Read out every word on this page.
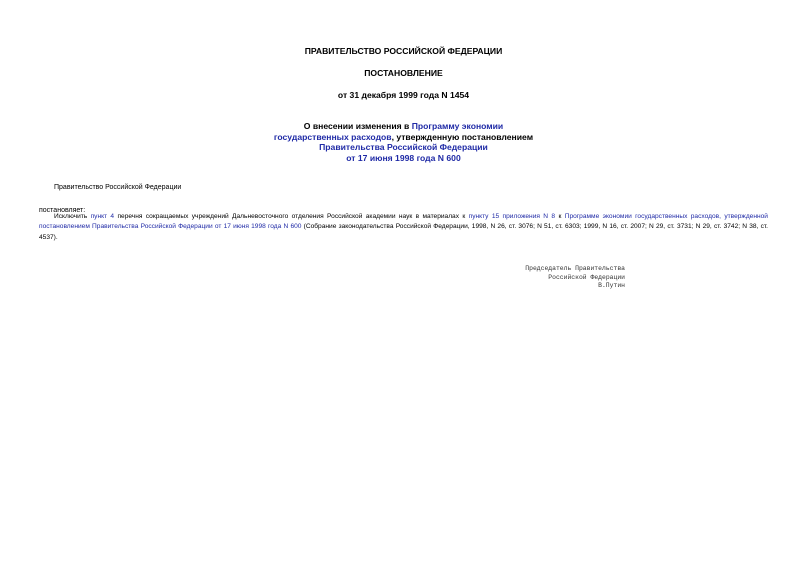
ПРАВИТЕЛЬСТВО РОССИЙСКОЙ ФЕДЕРАЦИИ
ПОСТАНОВЛЕНИЕ
от 31 декабря 1999 года N 1454
О внесении изменения в Программу экономии
государственных расходов, утвержденную постановлением
Правительства Российской Федерации
от 17 июня 1998 года N 600
Правительство Российской Федерации
постановляет:
Исключить пункт 4 перечня сокращаемых учреждений Дальневосточного отделения Российской академии наук в материалах к пункту 15 приложения N 8 к Программе экономии государственных расходов, утвержденной постановлением Правительства Российской Федерации от 17 июня 1998 года N 600 (Собрание законодательства Российской Федерации, 1998, N 26, ст. 3076; N 51, ст. 6303; 1999, N 16, ст. 2007; N 29, ст. 3731; N 29, ст. 3742; N 38, ст. 4537).
Председатель Правительства
Российской Федерации
В.Путин
